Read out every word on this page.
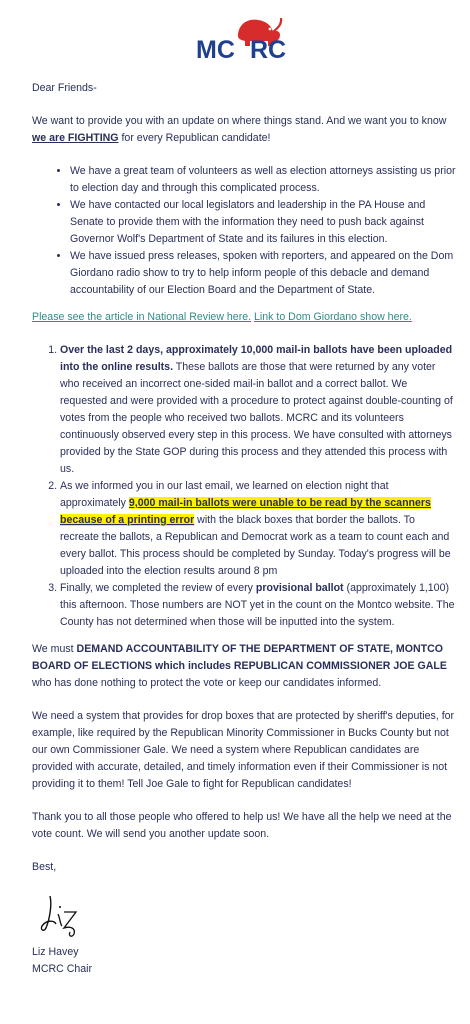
MC RC

Dear Friends-

We want to provide you with an update on where things stand. And we want you to know we are FIGHTING for every Republican candidate!

• We have a great team of volunteers as well as election attorneys assisting us prior to election day and through this complicated process.
• We have contacted our local legislators and leadership in the PA House and Senate to provide them with the information they need to push back against Governor Wolf's Department of State and its failures in this election.
• We have issued press releases, spoken with reporters, and appeared on the Dom Giordano radio show to try to help inform people of this debacle and demand accountability of our Election Board and the Department of State.

Please see the article in National Review here. Link to Dom Giordano show here.

1. Over the last 2 days, approximately 10,000 mail-in ballots have been uploaded into the online results. These ballots are those that were returned by any voter who received an incorrect one-sided mail-in ballot and a correct ballot. We requested and were provided with a procedure to protect against double-counting of votes from the people who received two ballots. MCRC and its volunteers continuously observed every step in this process. We have consulted with attorneys provided by the State GOP during this process and they attended this process with us.
2. As we informed you in our last email, we learned on election night that approximately 9,000 mail-in ballots were unable to be read by the scanners because of a printing error with the black boxes that border the ballots. To recreate the ballots, a Republican and Democrat work as a team to count each and every ballot. This process should be completed by Sunday. Today's progress will be uploaded into the election results around 8 pm
3. Finally, we completed the review of every provisional ballot (approximately 1,100) this afternoon. Those numbers are NOT yet in the count on the Montco website. The County has not determined when those will be inputted into the system.

We must DEMAND ACCOUNTABILITY OF THE DEPARTMENT OF STATE, MONTCO BOARD OF ELECTIONS which includes REPUBLICAN COMMISSIONER JOE GALE who has done nothing to protect the vote or keep our candidates informed.

We need a system that provides for drop boxes that are protected by sheriff's deputies, for example, like required by the Republican Minority Commissioner in Bucks County but not our own Commissioner Gale. We need a system where Republican candidates are provided with accurate, detailed, and timely information even if their Commissioner is not providing it to them! Tell Joe Gale to fight for Republican candidates!

Thank you to all those people who offered to help us! We have all the help we need at the vote count. We will send you another update soon.

Best,

Liz Havey

MCRC Chair
